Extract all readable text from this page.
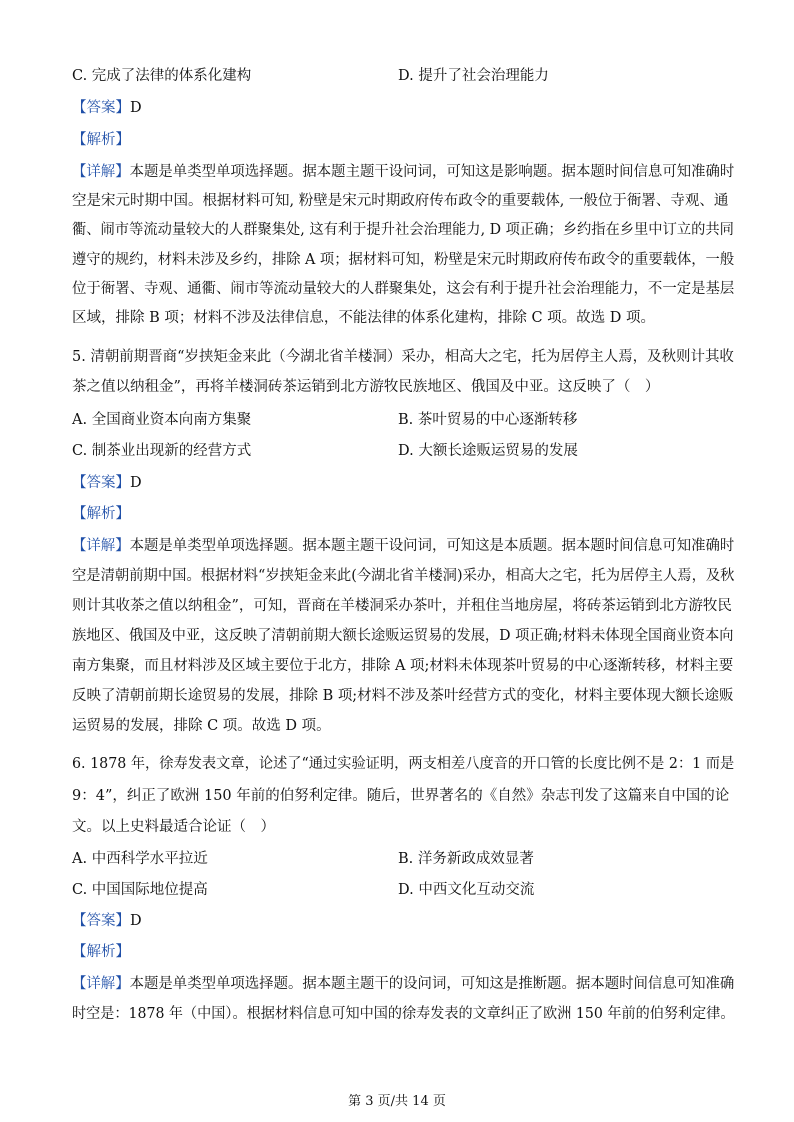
C. 完成了法律的体系化建构	D. 提升了社会治理能力
【答案】D
【解析】
【详解】本题是单类型单项选择题。据本题主题干设问词，可知这是影响题。据本题时间信息可知准确时
空是宋元时期中国。根据材料可知, 粉壁是宋元时期政府传布政令的重要载体, 一般位于衙署、寺观、通
衢、闹市等流动量较大的人群聚集处, 这有利于提升社会治理能力, D 项正确；乡约指在乡里中订立的共同
遵守的规约，材料未涉及乡约，排除 A 项；据材料可知，粉壁是宋元时期政府传布政令的重要载体，一般
位于衙署、寺观、通衢、闹市等流动量较大的人群聚集处，这会有利于提升社会治理能力，不一定是基层
区域，排除 B 项；材料不涉及法律信息，不能法律的体系化建构，排除 C 项。故选 D 项。
5. 清朝前期晋商“岁挟矩金来此（今湖北省羊楼洞）采办，相高大之宅，托为居停主人焉，及秋则计其收
茶之值以纳租金”，再将羊楼洞砖茶运销到北方游牧民族地区、俄国及中亚。这反映了（　）
A. 全国商业资本向南方集聚	B. 茶叶贸易的中心逐渐转移
C. 制茶业出现新的经营方式	D. 大额长途贩运贸易的发展
【答案】D
【解析】
【详解】本题是单类型单项选择题。据本题主题干设问词，可知这是本质题。据本题时间信息可知准确时
空是清朝前期中国。根据材料“岁挟矩金来此(今湖北省羊楼洞)采办，相高大之宅，托为居停主人焉，及秋
则计其收茶之值以纳租金”，可知，晋商在羊楼洞采办茶叶，并租住当地房屋，将砖茶运销到北方游牧民
族地区、俄国及中亚，这反映了清朝前期大额长途贩运贸易的发展，D 项正确;材料未体现全国商业资本向
南方集聚，而且材料涉及区域主要位于北方，排除 A 项;材料未体现茶叶贸易的中心逐渐转移，材料主要
反映了清朝前期长途贸易的发展，排除 B 项;材料不涉及茶叶经营方式的变化，材料主要体现大额长途贩
运贸易的发展，排除 C 项。故选 D 项。
6. 1878 年，徐寿发表文章，论述了“通过实验证明，两支相差八度音的开口管的长度比例不是 2：1 而是
9：4”，纠正了欧洲 150 年前的伯努利定律。随后，世界著名的《自然》杂志刊发了这篇来自中国的论
文。以上史料最适合论证（　）
A. 中西科学水平拉近	B. 洋务新政成效显著
C. 中国国际地位提高	D. 中西文化互动交流
【答案】D
【解析】
【详解】本题是单类型单项选择题。据本题主题干的设问词，可知这是推断题。据本题时间信息可知准确
时空是：1878 年（中国）。根据材料信息可知中国的徐寿发表的文章纠正了欧洲 150 年前的伯努利定律。
第 3 页/共 14 页
